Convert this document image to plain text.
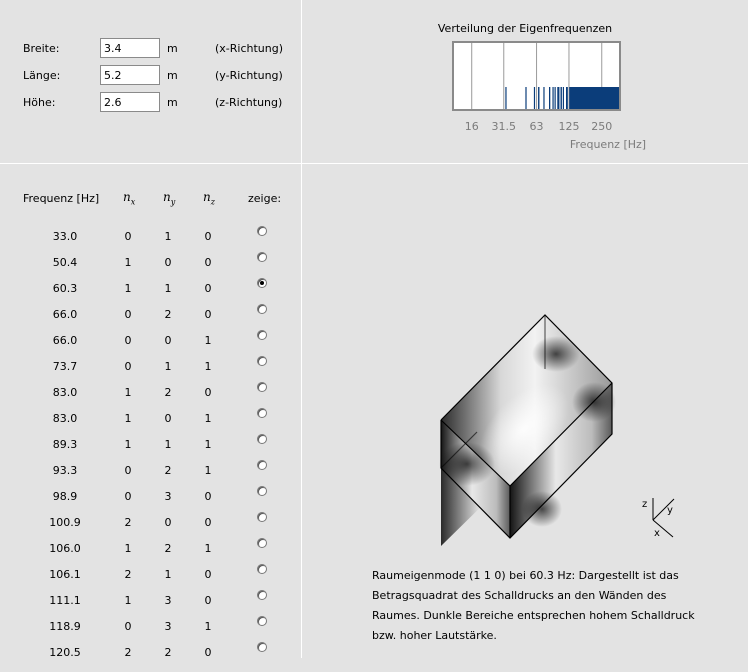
Breite:
3.4	m	(x-Richtung)
Länge:
5.2	m	(y-Richtung)
Höhe:
2.6	m	(z-Richtung)
Verteilung der Eigenfrequenzen
16 31.5 63 125 250
Frequenz [Hz]
Frequenz [Hz] $n_x$ $n_y$ $n_z$	zeige:
33.0	0	1	0
50.4	1	0	0
60.3	1	1	0
66.0	0	2	0
66.0	0	0	1
73.7	0	1	1
83.0	1	2	0
83.0	1	0	1
89.3	1	1	1
93.3	0	2	1
98.9	0	3	0
100.9	2	0	0
106.0	1	2	1
106.1	2	1	0
111.1	1	3	0
118.9	0	3	1
120.5	2	2	0
z
y
x
Raumeigenmode (1 1 0) bei 60.3 Hz: Dargestellt ist das
Betragsquadrat des Schalldrucks an den Wänden des
Raumes. Dunkle Bereiche entsprechen hohem Schalldruck
bzw. hoher Lautstärke.
